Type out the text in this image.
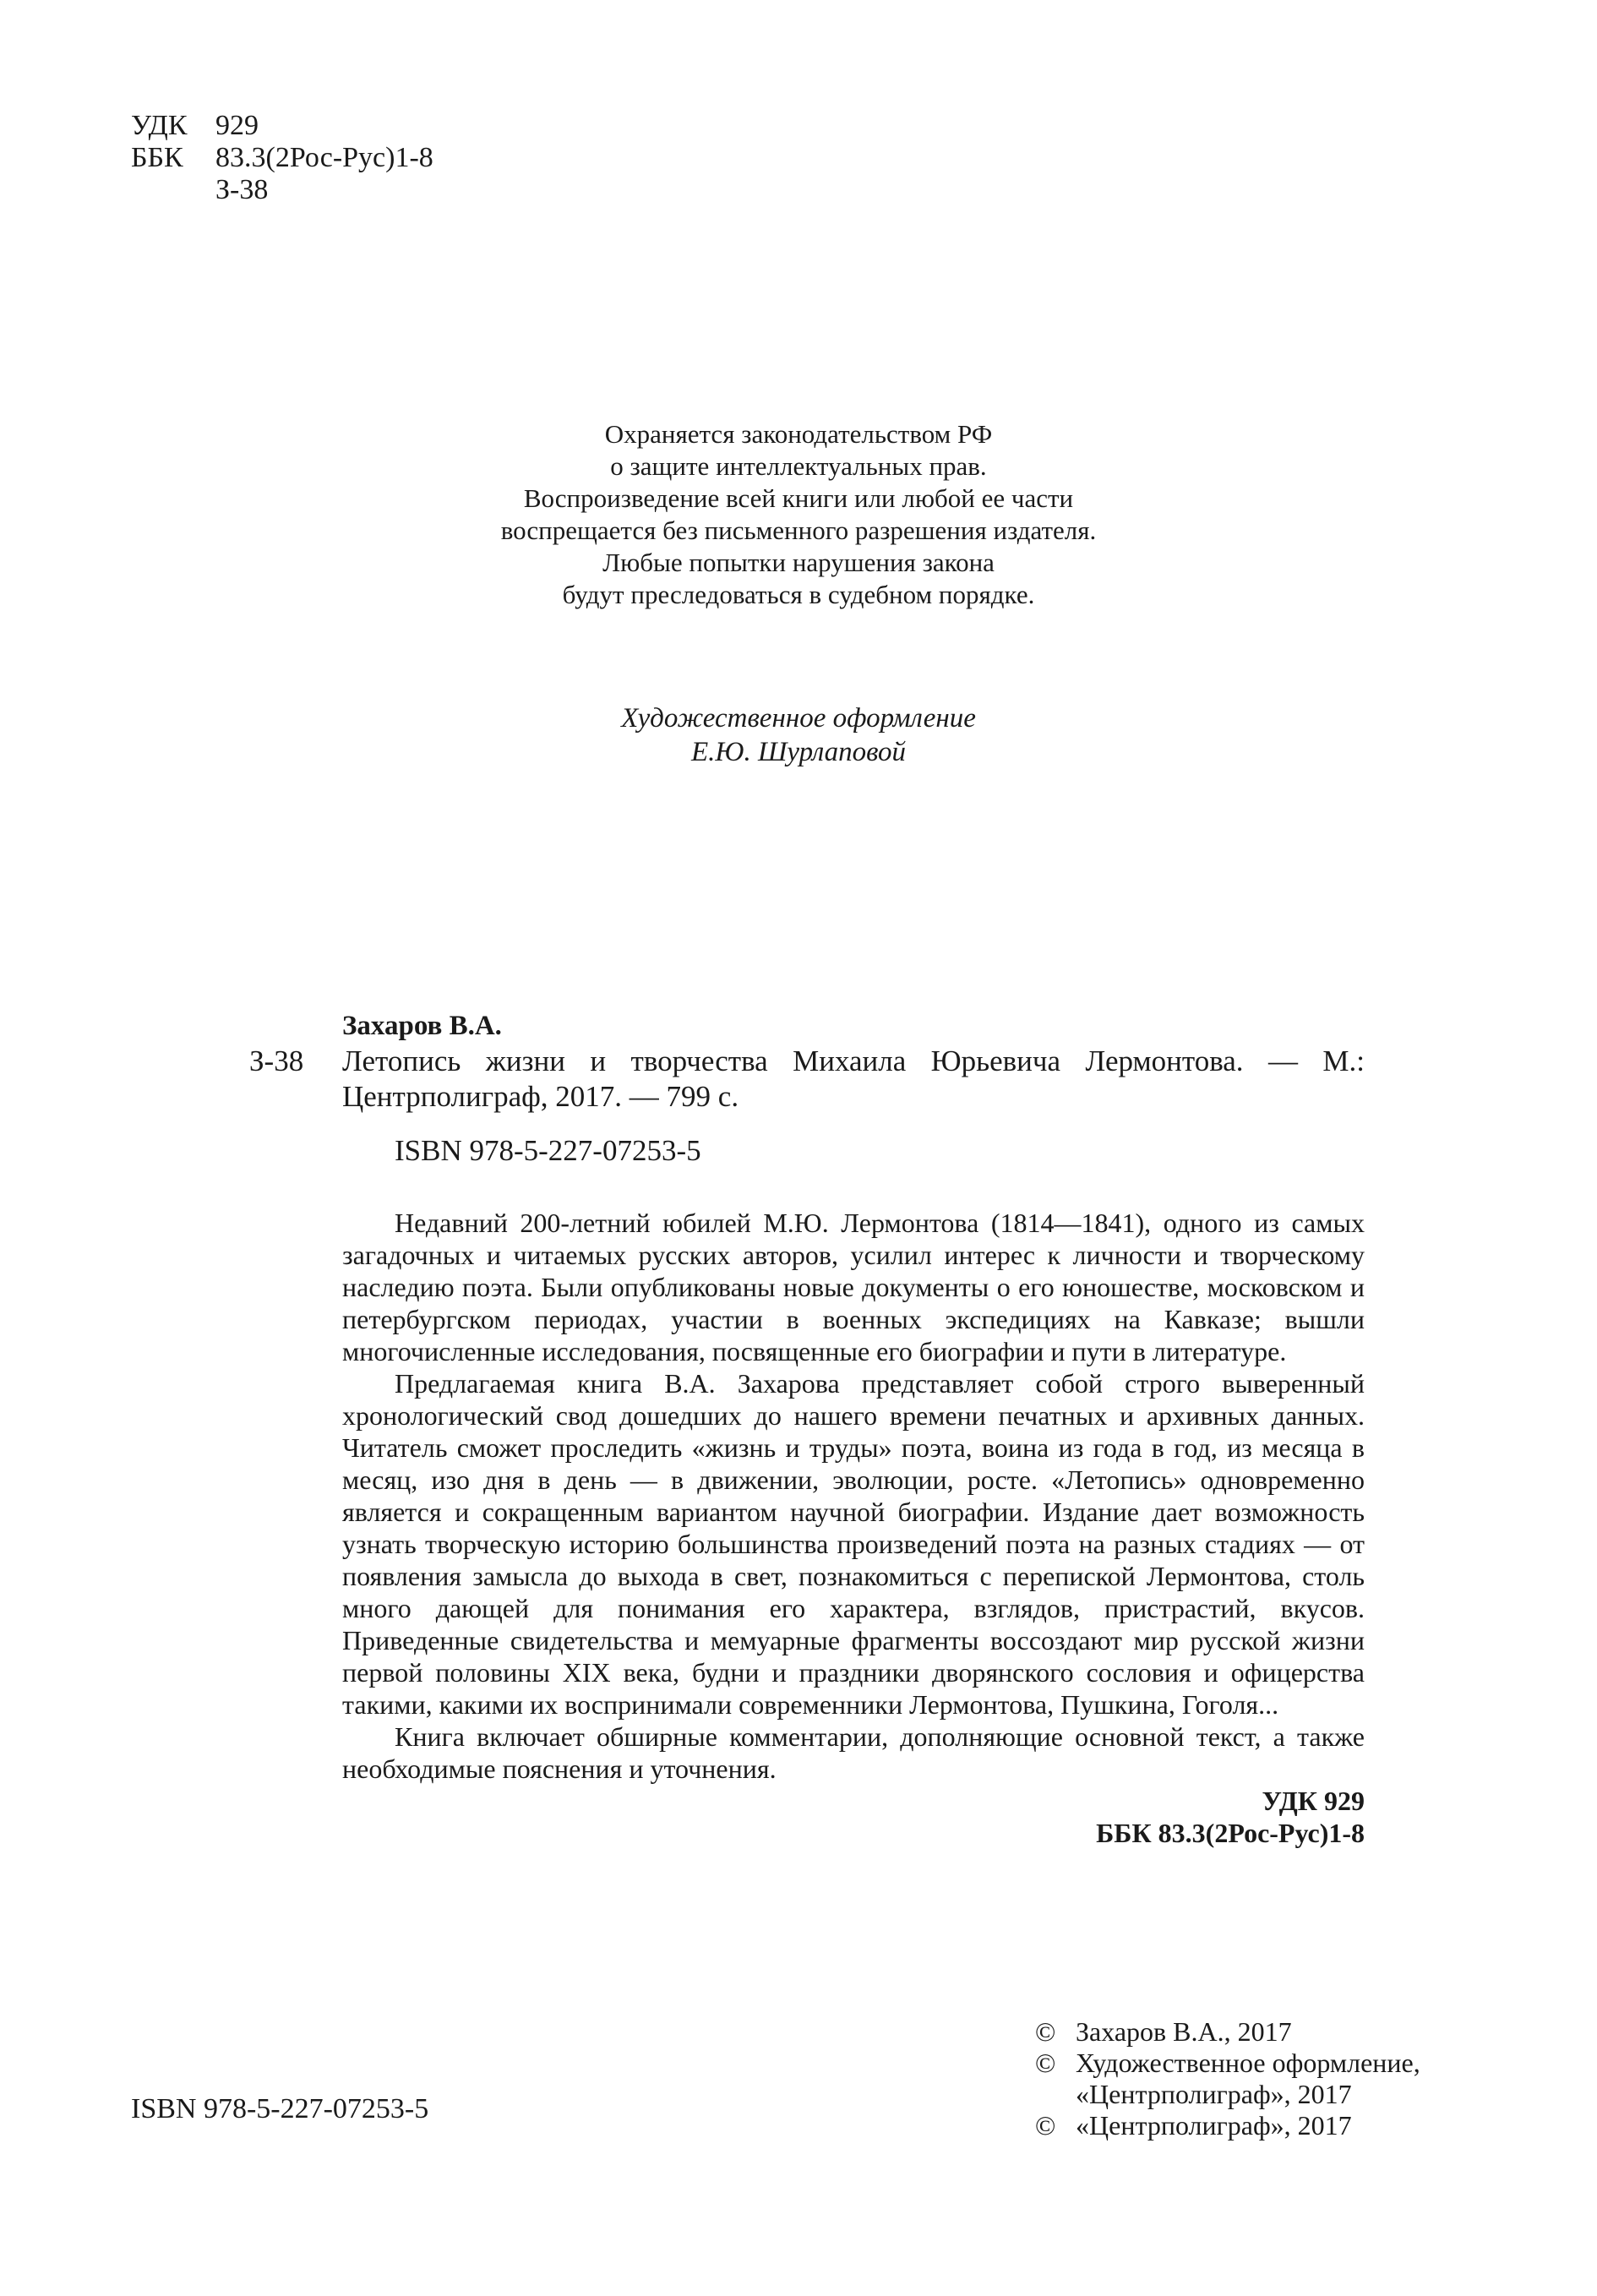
УДК 929
ББК	83.3(2Рос-Рус)1-8
З-38
Охраняется законодательством РФ
о защите интеллектуальных прав.
Воспроизведение всей книги или любой ее части
воспрещается без письменного разрешения издателя.
Любые попытки нарушения закона
будут преследоваться в судебном порядке.
Художественное оформление
Е.Ю. Шурлаповой
Захаров В.А.
З-38	Летопись жизни и творчества Михаила Юрьевича Лермонтова. — М.: Центрполиграф, 2017. — 799 с.
ISBN 978-5-227-07253-5

Недавний 200-летний юбилей М.Ю. Лермонтова (1814—1841), одного из самых загадочных и читаемых русских авторов, усилил интерес к личности и творческому наследию поэта. Были опубликованы новые документы о его юношестве, московском и петербургском периодах, участии в военных экспедициях на Кавказе; вышли многочисленные исследования, посвященные его биографии и пути в литературе.

Предлагаемая книга В.А. Захарова представляет собой строго выверенный хронологический свод дошедших до нашего времени печатных и архивных данных. Читатель сможет проследить «жизнь и труды» поэта, воина из года в год, из месяца в месяц, изо дня в день — в движении, эволюции, росте. «Летопись» одновременно является и сокращенным вариантом научной биографии. Издание дает возможность узнать творческую историю большинства произведений поэта на разных стадиях — от появления замысла до выхода в свет, познакомиться с перепиской Лермонтова, столь много дающей для понимания его характера, взглядов, пристрастий, вкусов. Приведенные свидетельства и мемуарные фрагменты воссоздают мир русской жизни первой половины XIX века, будни и праздники дворянского сословия и офицерства такими, какими их воспринимали современники Лермонтова, Пушкина, Гоголя...

Книга включает обширные комментарии, дополняющие основной текст, а также необходимые пояснения и уточнения.

УДК 929
ББК 83.3(2Рос-Рус)1-8
ISBN 978-5-227-07253-5
© Захаров В.А., 2017
© Художественное оформление,
«Центрполиграф», 2017
© «Центрполиграф», 2017
